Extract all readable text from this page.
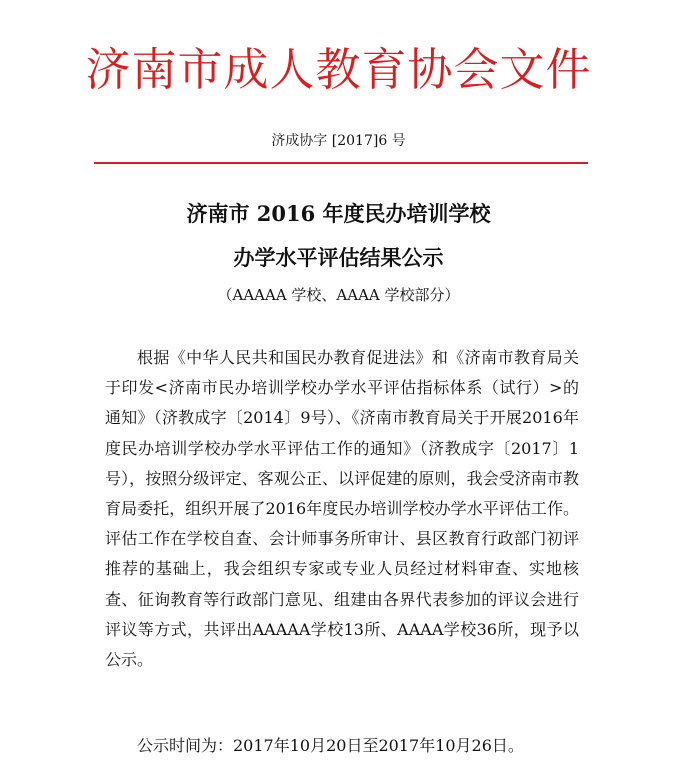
济南市成人教育协会文件
济成协字 [2017]6 号
济南市 2016 年度民办培训学校
办学水平评估结果公示
（AAAAA 学校、AAAA 学校部分）

根据《中华人民共和国民办教育促进法》和《济南市教育局关于印发<济南市民办培训学校办学水平评估指标体系（试行）>的通知》（济教成字〔2014〕9号）、《济南市教育局关于开展2016年度民办培训学校办学水平评估工作的通知》（济教成字〔2017〕1号），按照分级评定、客观公正、以评促建的原则，我会受济南市教育局委托，组织开展了2016年度民办培训学校办学水平评估工作。评估工作在学校自查、会计师事务所审计、县区教育行政部门初评推荐的基础上，我会组织专家或专业人员经过材料审查、实地核查、征询教育等行政部门意见、组建由各界代表参加的评议会进行评议等方式，共评出AAAAA学校13所、AAAA学校36所，现予以公示。

公示时间为：2017年10月20日至2017年10月26日。
